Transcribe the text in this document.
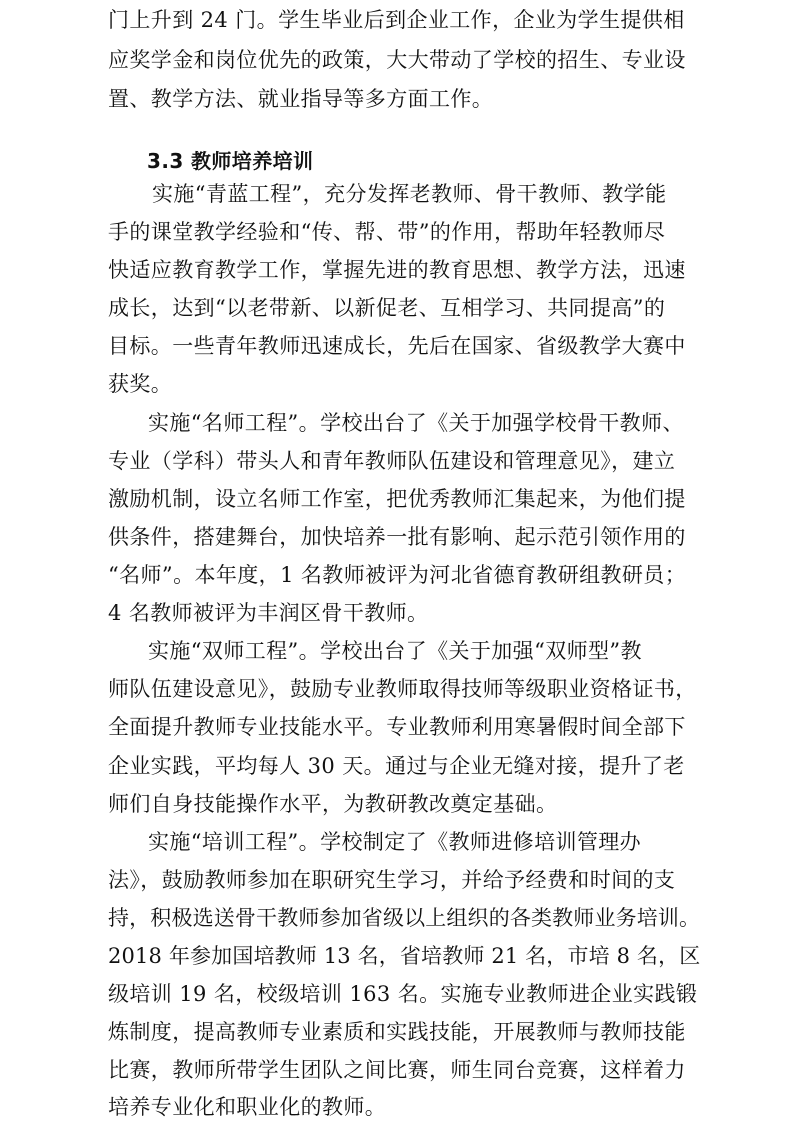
门上升到 24 门。学生毕业后到企业工作，企业为学生提供相
应奖学金和岗位优先的政策，大大带动了学校的招生、专业设
置、教学方法、就业指导等多方面工作。
3.3 教师培养培训
实施“青蓝工程”，充分发挥老教师、骨干教师、教学能
手的课堂教学经验和“传、帮、带”的作用，帮助年轻教师尽
快适应教育教学工作，掌握先进的教育思想、教学方法，迅速
成长，达到“以老带新、以新促老、互相学习、共同提高”的
目标。一些青年教师迅速成长，先后在国家、省级教学大赛中
获奖。
实施“名师工程”。学校出台了《关于加强学校骨干教师、
专业（学科）带头人和青年教师队伍建设和管理意见》，建立
激励机制，设立名师工作室，把优秀教师汇集起来，为他们提
供条件，搭建舞台，加快培养一批有影响、起示范引领作用的
“名师”。本年度，1 名教师被评为河北省德育教研组教研员；
4 名教师被评为丰润区骨干教师。
实施“双师工程”。学校出台了《关于加强“双师型”教
师队伍建设意见》，鼓励专业教师取得技师等级职业资格证书，
全面提升教师专业技能水平。专业教师利用寒暑假时间全部下
企业实践，平均每人 30 天。通过与企业无缝对接，提升了老
师们自身技能操作水平，为教研教改奠定基础。
实施“培训工程”。学校制定了《教师进修培训管理办
法》，鼓励教师参加在职研究生学习，并给予经费和时间的支
持，积极选送骨干教师参加省级以上组织的各类教师业务培训。
2018 年参加国培教师 13 名，省培教师 21 名，市培 8 名，区
级培训 19 名，校级培训 163 名。实施专业教师进企业实践锻
炼制度，提高教师专业素质和实践技能，开展教师与教师技能
比赛，教师所带学生团队之间比赛，师生同台竞赛，这样着力
培养专业化和职业化的教师。
